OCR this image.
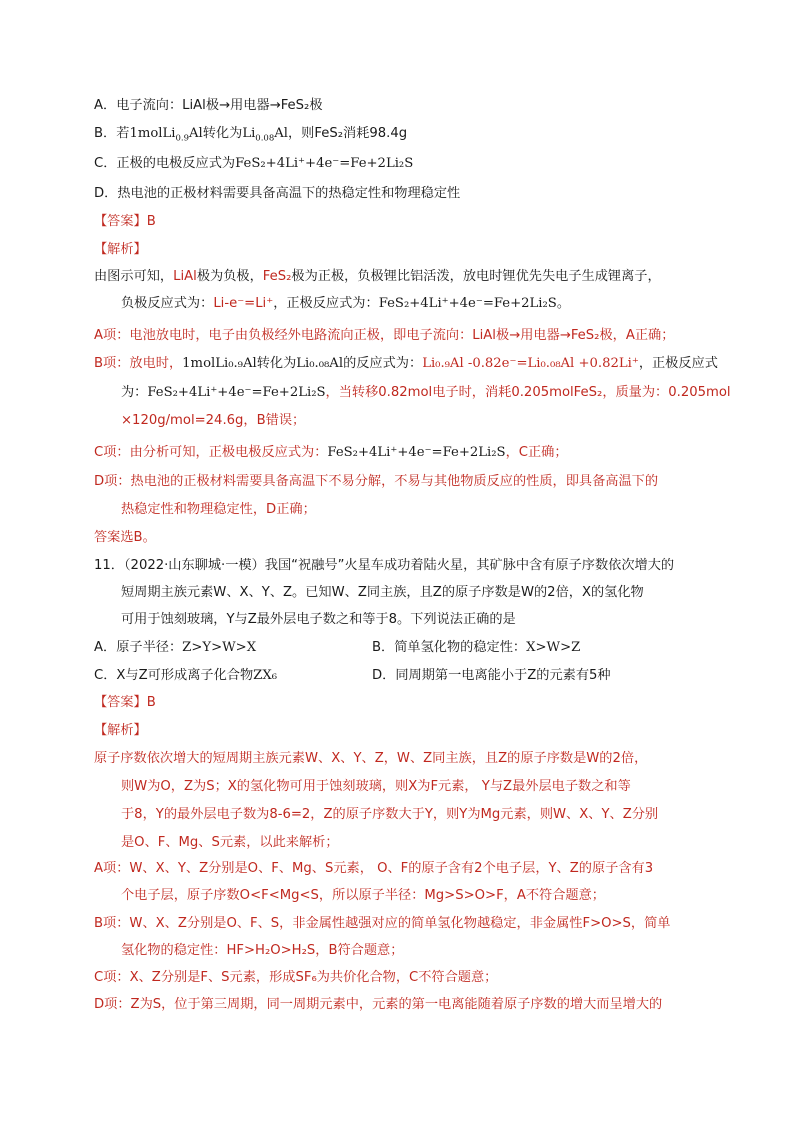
A．电子流向：LiAl极→用电器→FeS₂极
B．若1molLi$_{0.9}$Al转化为$Li_{0.08}Al$，则FeS₂消耗98.4g
C．正极的电极反应式为FeS₂+4Li⁺+4e⁻=Fe+2Li₂S
D．热电池的正极材料需要具备高温下的热稳定性和物理稳定性
【答案】B
【解析】
由图示可知，LiAl极为负极，FeS₂极为正极，负极锂比铝活泼，放电时锂优先失电子生成锂离子，
负极反应式为：Li-e⁻=Li⁺，正极反应式为：FeS₂+4Li⁺+4e⁻=Fe+2Li₂S。
A项：电池放电时，电子由负极经外电路流向正极，即电子流向：LiAl极→用电器→FeS₂极，A正确；
B项：放电时，1molLi₀.₉Al转化为Li₀.₀₈Al的反应式为：Li₀.₉Al -0.82e⁻=Li₀.₀₈Al +0.82Li⁺，正极反应式
为：FeS₂+4Li⁺+4e⁻=Fe+2Li₂S，当转移0.82mol电子时，消耗0.205molFeS₂，质量为：0.205mol
×120g/mol=24.6g，B错误；
C项：由分析可知，正极电极反应式为：FeS₂+4Li⁺+4e⁻=Fe+2Li₂S，C正确；
D项：热电池的正极材料需要具备高温下不易分解，不易与其他物质反应的性质，即具备高温下的
热稳定性和物理稳定性，D正确；
答案选B。
11．（2022·山东聊城·一模）我国“祝融号”火星车成功着陆火星，其矿脉中含有原子序数依次增大的
短周期主族元素W、X、Y、Z。已知W、Z同主族，且Z的原子序数是W的2倍，X的氢化物
可用于蚀刻玻璃，Y与Z最外层电子数之和等于8。下列说法正确的是
A．原子半径：Z>Y>W>X	B．简单氢化物的稳定性：X>W>Z
C．X与Z可形成离子化合物ZX₆	D．同周期第一电离能小于Z的元素有5种
【答案】B
【解析】
原子序数依次增大的短周期主族元素W、X、Y、Z，W、Z同主族，且Z的原子序数是W的2倍，
则W为O，Z为S；X的氢化物可用于蚀刻玻璃，则X为F元素， Y与Z最外层电子数之和等
于8，Y的最外层电子数为8-6=2，Z的原子序数大于Y，则Y为Mg元素，则W、X、Y、Z分别
是O、F、Mg、S元素，以此来解析；
A项：W、X、Y、Z分别是O、F、Mg、S元素， O、F的原子含有2个电子层，Y、Z的原子含有3
个电子层，原子序数O<F<Mg<S，所以原子半径：Mg>S>O>F，A不符合题意；
B项：W、X、Z分别是O、F、S，非金属性越强对应的简单氢化物越稳定，非金属性F>O>S，简单
氢化物的稳定性：HF>H₂O>H₂S，B符合题意；
C项：X、Z分别是F、S元素，形成SF₆为共价化合物，C不符合题意；
D项：Z为S，位于第三周期，同一周期元素中，元素的第一电离能随着原子序数的增大而呈增大的
